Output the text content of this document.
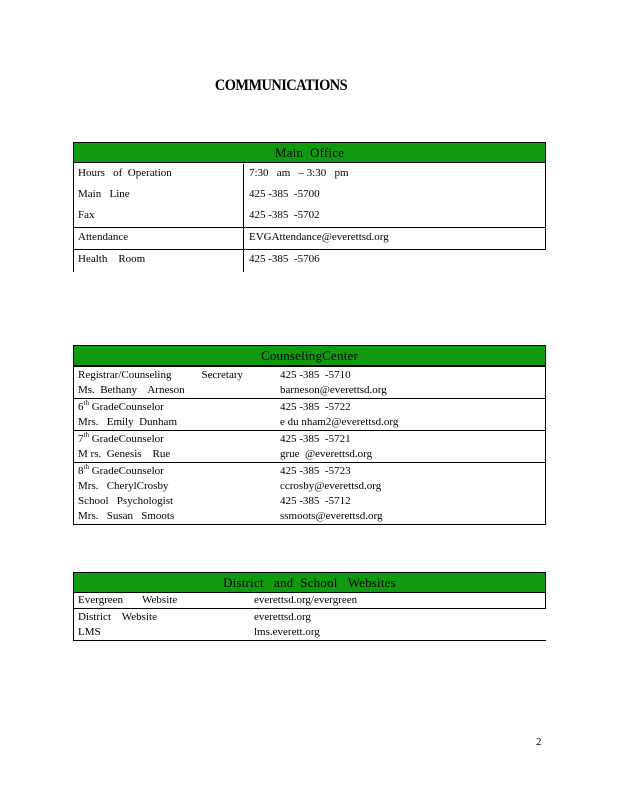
COMMUNICATIONS
Main  Office
Hours   of  Operation	7:30   am   – 3:30   pm
Main   Line	425 -385  -5700
Fax	425 -385  -5702
Attendance	EVGAttendance@everettsd.org
Health    Room	425 -385  -5706
CounselingCenter
Registrar/Counseling	Secretary	425 -385  -5710
Ms.  Bethany    Arneson	barneson@everettsd.org
6th GradeCounselor	425 -385  -5722
Mrs.   Emily  Dunham	e du nham2@everettsd.org
7th GradeCounselor	425 -385  -5721
M rs.  Genesis    Rue	grue  @everettsd.org
8th GradeCounselor	425 -385  -5723
Mrs.   CherylCrosby	ccrosby@everettsd.org
School   Psychologist	425 -385  -5712
Mrs.   Susan   Smoots	ssmoots@everettsd.org
District   and  School   Websites
Evergreen       Website	everettsd.org/evergreen
District    Website	everettsd.org
LMS	lms.everett.org
2
